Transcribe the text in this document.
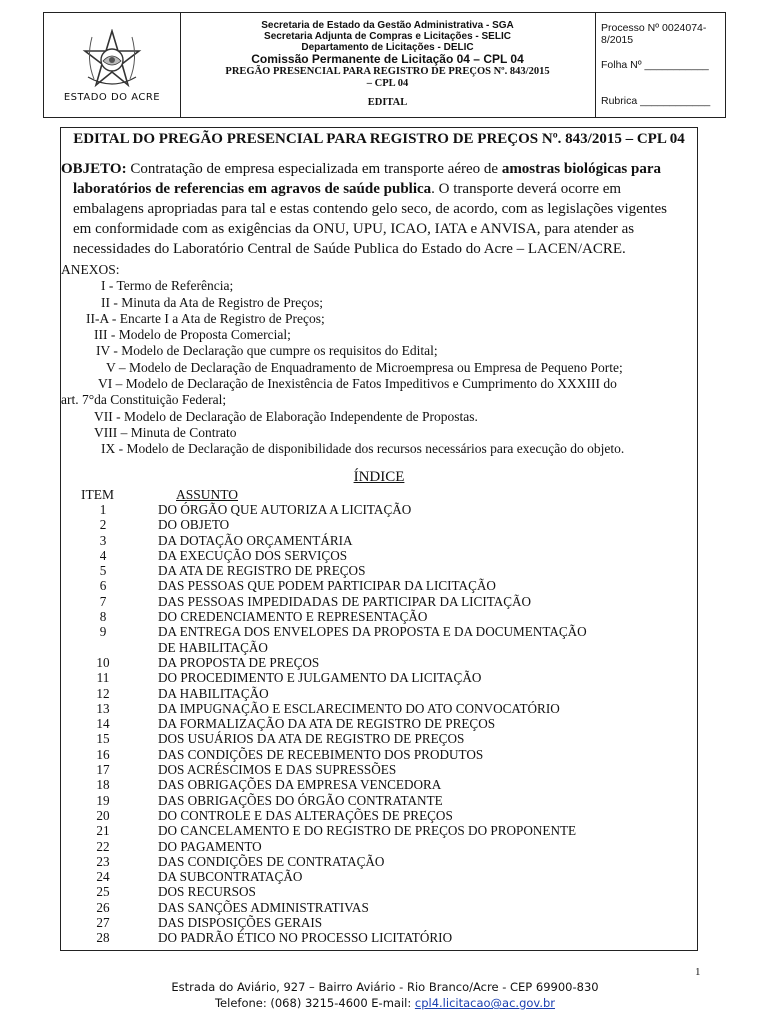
ESTADO DO ACRE
Secretaria de Estado da Gestão Administrativa - SGA
Secretaria Adjunta de Compras e Licitações - SELIC
Departamento de Licitações - DELIC
Comissão Permanente de Licitação 04 – CPL 04
PREGÃO PRESENCIAL PARA REGISTRO DE PREÇOS Nº. 843/2015
– CPL 04
EDITAL
Processo Nº 0024074-8/2015
Folha Nº ___________
Rubrica ____________
EDITAL DO PREGÃO PRESENCIAL PARA REGISTRO DE PREÇOS Nº. 843/2015 – CPL 04
OBJETO: Contratação de empresa especializada em transporte aéreo de amostras biológicas para
laboratórios de referencias em agravos de saúde publica. O transporte deverá ocorre em
embalagens apropriadas para tal e estas contendo gelo seco, de acordo, com as legislações vigentes
em conformidade com as exigências da ONU, UPU, ICAO, IATA e ANVISA, para atender as
necessidades do Laboratório Central de Saúde Publica do Estado do Acre – LACEN/ACRE.
ANEXOS:
I - Termo de Referência;
II - Minuta da Ata de Registro de Preços;
II-A - Encarte I a Ata de Registro de Preços;
III - Modelo de Proposta Comercial;
IV - Modelo de Declaração que cumpre os requisitos do Edital;
V – Modelo de Declaração de Enquadramento de Microempresa ou Empresa de Pequeno Porte;
VI – Modelo de Declaração de Inexistência de Fatos Impeditivos e Cumprimento do XXXIII do
art. 7°da Constituição Federal;
VII - Modelo de Declaração de Elaboração Independente de Propostas.
VIII – Minuta de Contrato
IX - Modelo de Declaração de disponibilidade dos recursos necessários para execução do objeto.
ÍNDICE
ITEM	ASSUNTO
1	DO ÓRGÃO QUE AUTORIZA A LICITAÇÃO
2	DO OBJETO
3	DA DOTAÇÃO ORÇAMENTÁRIA
4	DA EXECUÇÃO DOS SERVIÇOS
5	DA ATA DE REGISTRO DE PREÇOS
6	DAS PESSOAS QUE PODEM PARTICIPAR DA LICITAÇÃO
7	DAS PESSOAS IMPEDIDADAS DE PARTICIPAR DA LICITAÇÃO
8	DO CREDENCIAMENTO E REPRESENTAÇÃO
9	DA ENTREGA DOS ENVELOPES DA PROPOSTA E DA DOCUMENTAÇÃO
DE HABILITAÇÃO
10	DA PROPOSTA DE PREÇOS
11	DO PROCEDIMENTO E JULGAMENTO DA LICITAÇÃO
12	DA HABILITAÇÃO
13	DA IMPUGNAÇÃO E ESCLARECIMENTO DO ATO CONVOCATÓRIO
14	DA FORMALIZAÇÃO DA ATA DE REGISTRO DE PREÇOS
15	DOS USUÁRIOS DA ATA DE REGISTRO DE PREÇOS
16	DAS CONDIÇÕES DE RECEBIMENTO DOS PRODUTOS
17	DOS ACRÉSCIMOS E DAS SUPRESSÕES
18	DAS OBRIGAÇÕES DA EMPRESA VENCEDORA
19	DAS OBRIGAÇÕES DO ÓRGÃO CONTRATANTE
20	DO CONTROLE E DAS ALTERAÇÕES DE PREÇOS
21	DO CANCELAMENTO E DO REGISTRO DE PREÇOS DO PROPONENTE
22	DO PAGAMENTO
23	DAS CONDIÇÕES DE CONTRATAÇÃO
24	DA SUBCONTRATAÇÃO
25	DOS RECURSOS
26	DAS SANÇÕES ADMINISTRATIVAS
27	DAS DISPOSIÇÕES GERAIS
28	DO PADRÃO ÉTICO NO PROCESSO LICITATÓRIO
1
Estrada do Aviário, 927 – Bairro Aviário - Rio Branco/Acre - CEP 69900-830
Telefone: (068) 3215-4600 E-mail: cpl4.licitacao@ac.gov.br
